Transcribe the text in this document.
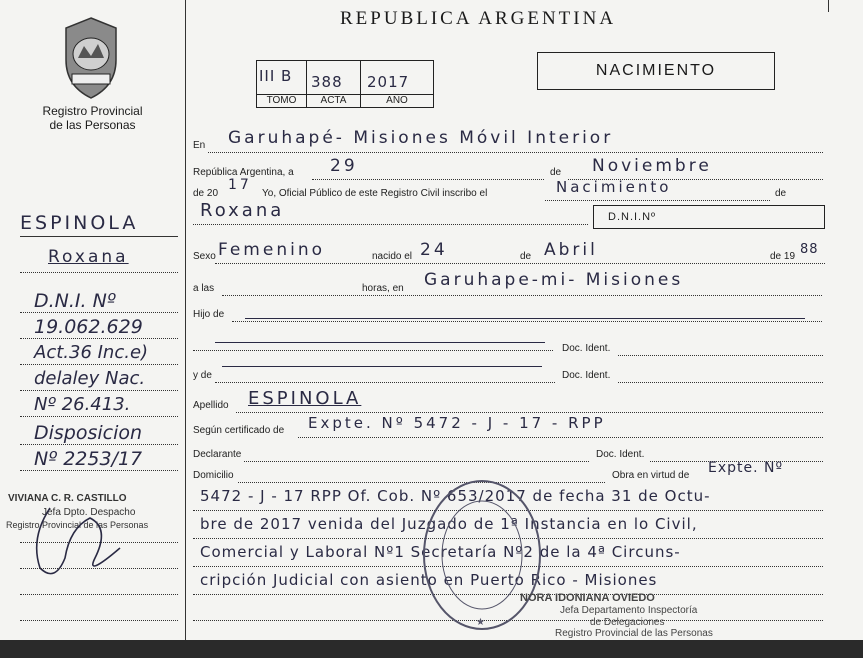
Registro Provincial
de las Personas
REPUBLICA ARGENTINA
III B 388 2017
TOMO	ACTA	AÑO
NACIMIENTO
En Garuhapé- Misiones Móvil Interior
República Argentina, a 29	de Noviembre
de 20
17
Yo, Oficial Público de este Registro Civil inscribo el	Nacimiento	de
Roxana	D.N.I.Nº
Sexo Femenino	nacido el 24	de Abril	de 19 88
a las	horas, en Garuhape-mi- Misiones
Hijo de
Doc. Ident.
y de	Doc. Ident.
Apellido ESPINOLA
Según certificado de Expte. Nº 5472 - J - 17 - RPP
Declarante	Doc. Ident.
Domicilio	Obra en virtud de Expte. Nº
5472 - J - 17 RPP Of. Cob. Nº 653/2017 de fecha 31 de Octu-
bre de 2017 venida del Juzgado de 1ª Instancia en lo Civil,
Comercial y Laboral Nº1 Secretaría Nº2 de la 4ª Circuns-
cripción Judicial con asiento en Puerto Rico - Misiones
★
NORA IDONIANA OVIEDO
Jefa Departamento Inspectoría
de Delegaciones
Registro Provincial de las Personas
ESPINOLA
Roxana
D.N.I. Nº
19.062.629
Act.36 Inc.e)
delaley Nac.
Nº 26.413.
Disposicion
Nº 2253/17
VIVIANA C. R. CASTILLO
Jefa Dpto. Despacho
Registro Provincial de las Personas
